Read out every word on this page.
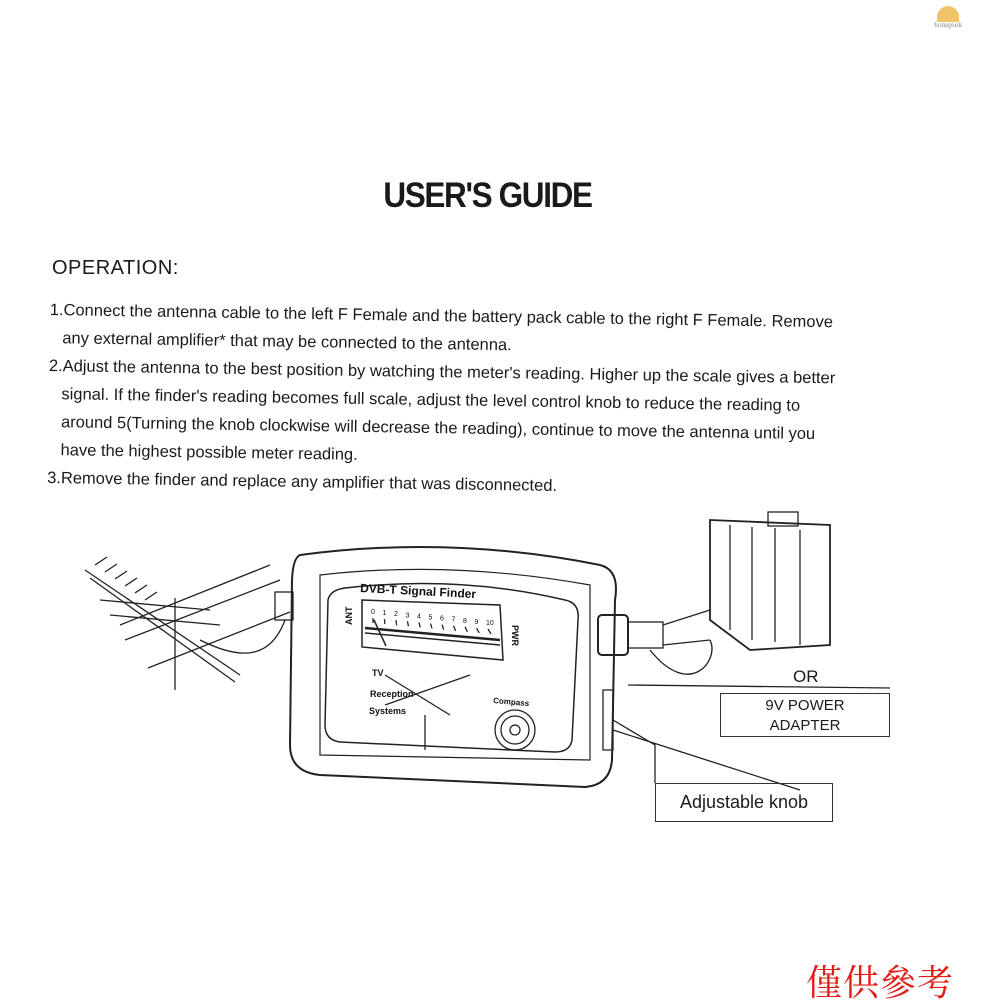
homgeek
USER'S GUIDE
OPERATION:
1.Connect the antenna cable to the left F Female and the battery pack cable to the right F Female. Remove
any external amplifier* that may be connected to the antenna.
2.Adjust the antenna to the best position by watching the meter's reading. Higher up the scale gives a better
signal. If the finder's reading becomes full scale, adjust the level control knob to reduce the reading to
around 5(Turning the knob clockwise will decrease the reading), continue to move the antenna until you
have the highest possible meter reading.
3.Remove the finder and replace any amplifier that was disconnected.
DVB-T Signal Finder
ANT
PWR
0 1 2 3 4 5 6 7 8 9 10
TV
Reception
Systems
Compass
OR
9V POWER
ADAPTER
Adjustable knob
僅供參考
